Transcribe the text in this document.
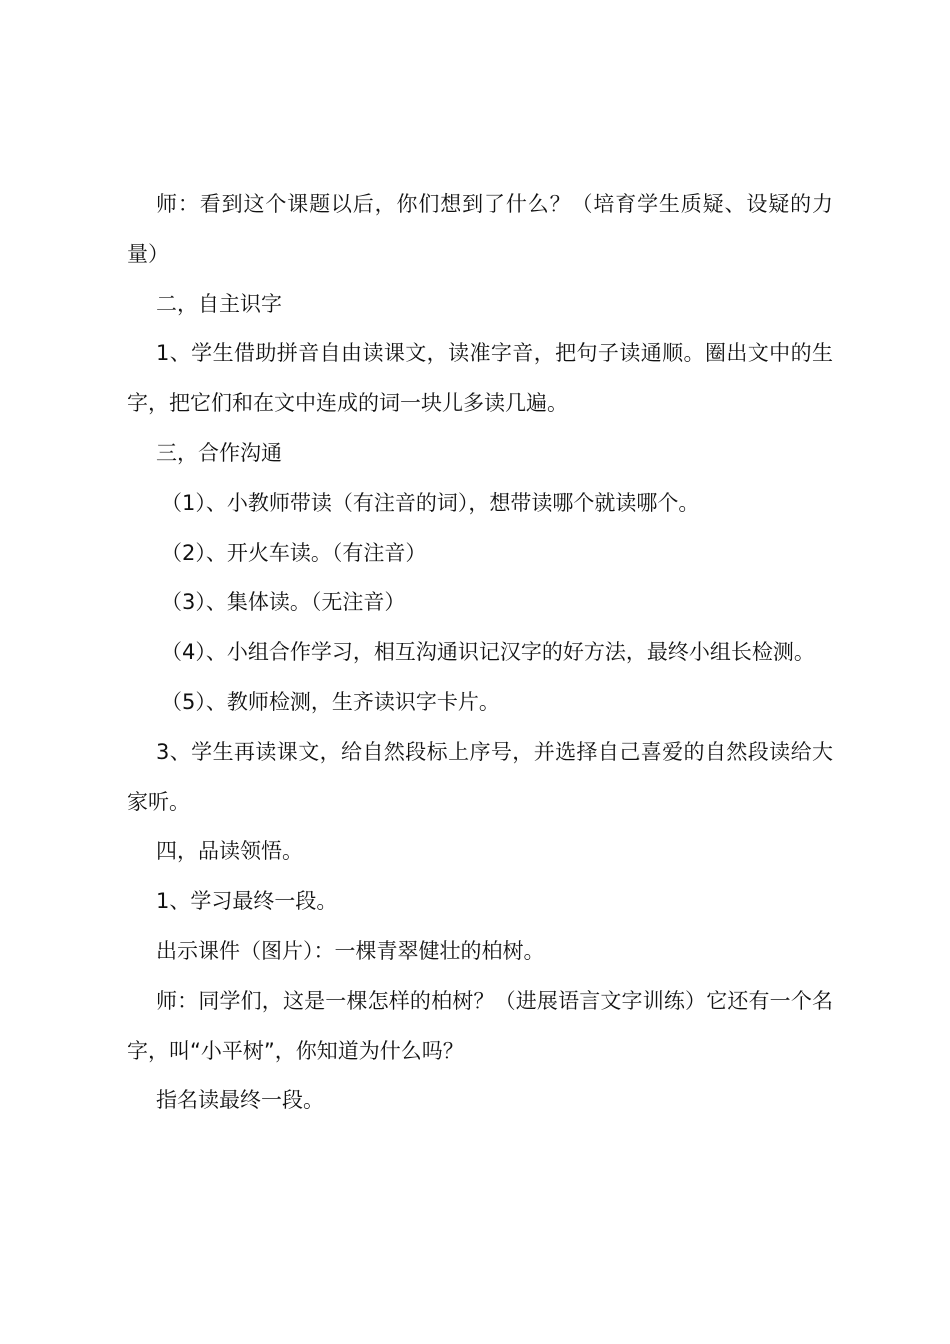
师：看到这个课题以后，你们想到了什么？（培育学生质疑、设疑的力量）

二，自主识字

1、学生借助拼音自由读课文，读准字音，把句子读通顺。圈出文中的生字，把它们和在文中连成的词一块儿多读几遍。

三，合作沟通

（1）、小教师带读（有注音的词），想带读哪个就读哪个。

（2）、开火车读。（有注音）

（3）、集体读。（无注音）

（4）、小组合作学习，相互沟通识记汉字的好方法，最终小组长检测。

（5）、教师检测，生齐读识字卡片。

3、学生再读课文，给自然段标上序号，并选择自己喜爱的自然段读给大家听。

四，品读领悟。

1、学习最终一段。

出示课件（图片）：一棵青翠健壮的柏树。

师：同学们，这是一棵怎样的柏树？（进展语言文字训练）它还有一个名字，叫“小平树”，你知道为什么吗？

指名读最终一段。
